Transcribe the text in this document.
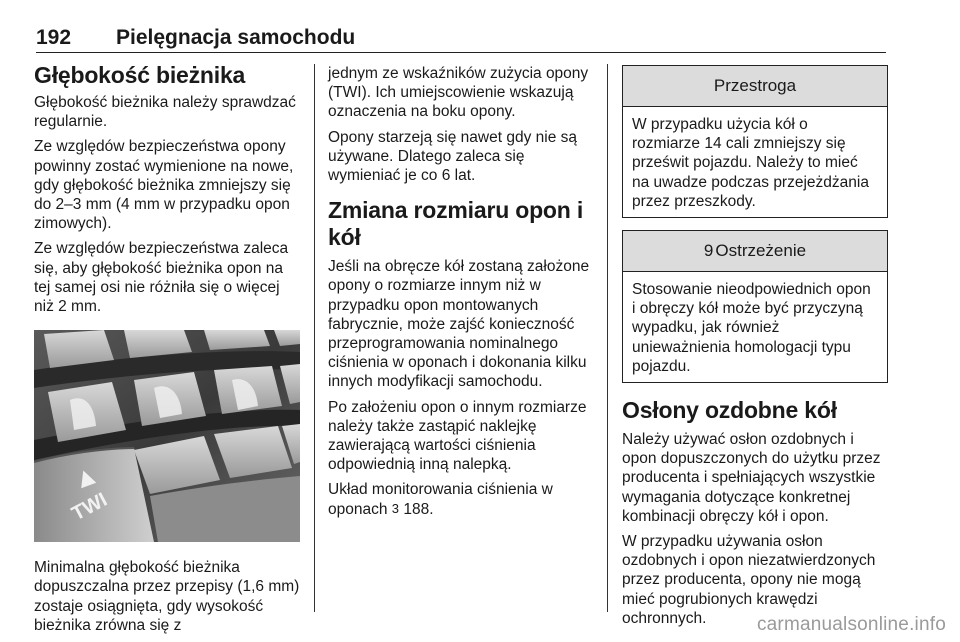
192 Pielęgnacja samochodu
Głębokość bieżnika

Głębokość bieżnika należy sprawdzać regularnie.

Ze względów bezpieczeństwa opony powinny zostać wymienione na nowe, gdy głębokość bieżnika zmniejszy się do 2–3 mm (4 mm w przypadku opon zimowych).

Ze względów bezpieczeństwa zaleca się, aby głębokość bieżnika opon na tej samej osi nie różniła się o więcej niż 2 mm.

TWI

Minimalna głębokość bieżnika dopuszczalna przez przepisy (1,6 mm) zostaje osiągnięta, gdy wysokość bieżnika zrówna się z

jednym ze wskaźników zużycia opony (TWI). Ich umiejscowienie wskazują oznaczenia na boku opony.

Opony starzeją się nawet gdy nie są używane. Dlatego zaleca się wymieniać je co 6 lat.

Zmiana rozmiaru opon i kół

Jeśli na obręcze kół zostaną założone opony o rozmiarze innym niż w przypadku opon montowanych fabrycznie, może zajść konieczność przeprogramowania nominalnego ciśnienia w oponach i dokonania kilku innych modyfikacji samochodu.

Po założeniu opon o innym rozmiarze należy także zastąpić naklejkę zawierającą wartości ciśnienia odpowiednią inną nalepką.

Układ monitorowania ciśnienia w oponach 3 188.

Przestroga

W przypadku użycia kół o rozmiarze 14 cali zmniejszy się prześwit pojazdu. Należy to mieć na uwadze podczas przejeżdżania przez przeszkody.

9 Ostrzeżenie

Stosowanie nieodpowiednich opon i obręczy kół może być przyczyną wypadku, jak również unieważnienia homologacji typu pojazdu.

Osłony ozdobne kół

Należy używać osłon ozdobnych i opon dopuszczonych do użytku przez producenta i spełniających wszystkie wymagania dotyczące konkretnej kombinacji obręczy kół i opon.

W przypadku używania osłon ozdobnych i opon niezatwierdzonych przez producenta, opony nie mogą mieć pogrubionych krawędzi ochronnych.	carmanualsonline.info
